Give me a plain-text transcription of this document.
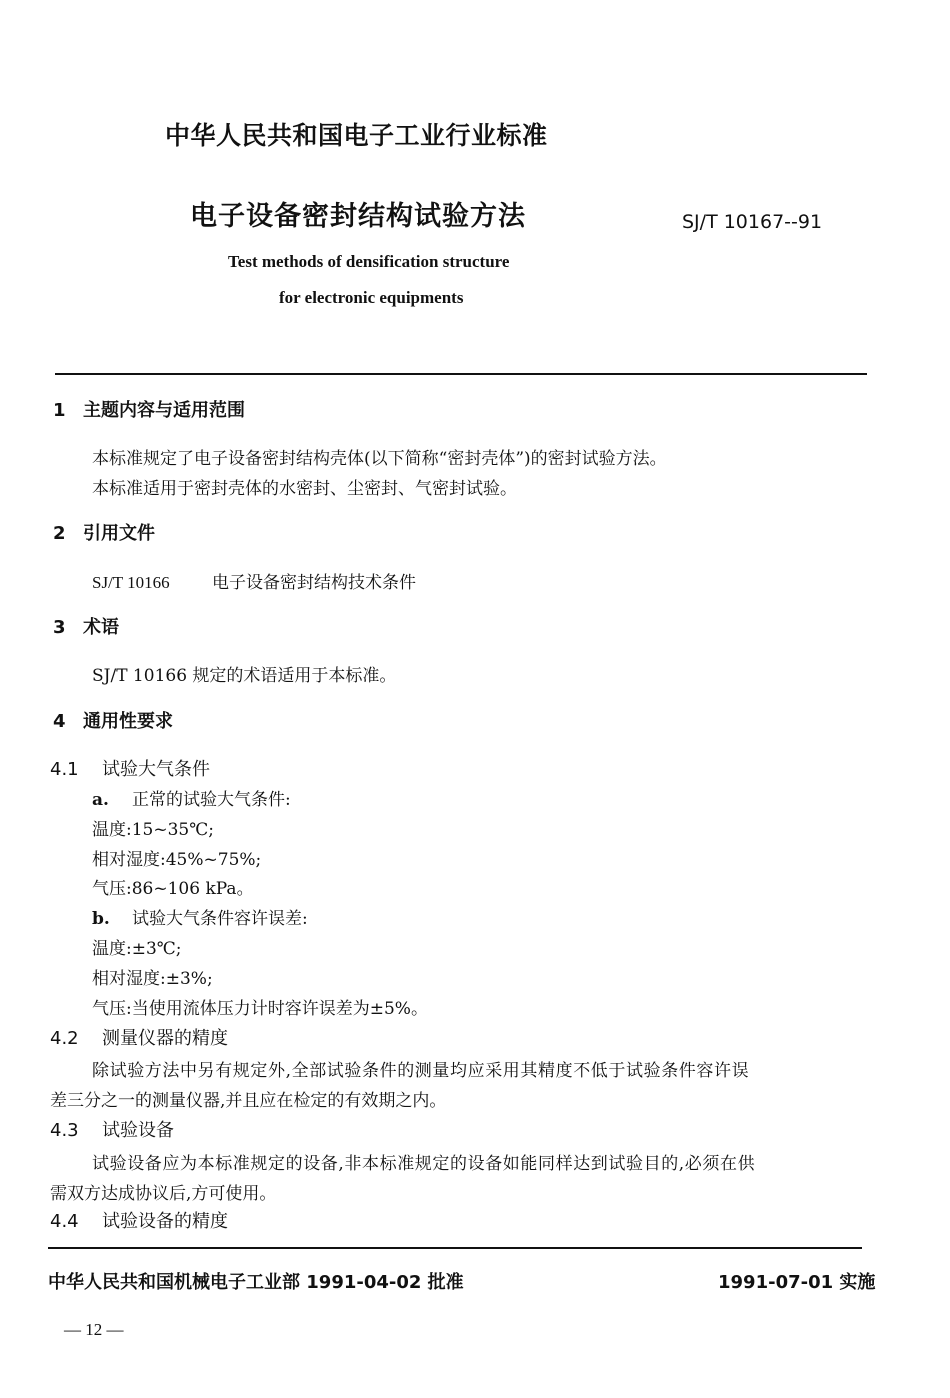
中华人民共和国电子工业行业标准
电子设备密封结构试验方法	SJ/T 10167--91
Test methods of densification structure
for electronic equipments
1 主题内容与适用范围
本标准规定了电子设备密封结构壳体(以下简称“密封壳体”)的密封试验方法。
本标准适用于密封壳体的水密封、尘密封、气密封试验。
2 引用文件
SJ/T 10166 电子设备密封结构技术条件
3 术语
SJ/T 10166 规定的术语适用于本标准。
4 通用性要求
4.1 试验大气条件
a. 正常的试验大气条件:
温度:15~35℃;
相对湿度:45%~75%;
气压:86~106 kPa。
b. 试验大气条件容许误差:
温度:±3℃;
相对湿度:±3%;
气压:当使用流体压力计时容许误差为±5%。
4.2 测量仪器的精度
除试验方法中另有规定外,全部试验条件的测量均应采用其精度不低于试验条件容许误
差三分之一的测量仪器,并且应在检定的有效期之内。
4.3 试验设备
试验设备应为本标准规定的设备,非本标准规定的设备如能同样达到试验目的,必须在供
需双方达成协议后,方可使用。
4.4 试验设备的精度
中华人民共和国机械电子工业部 1991-04-02 批准	1991-07-01 实施
— 12 —
